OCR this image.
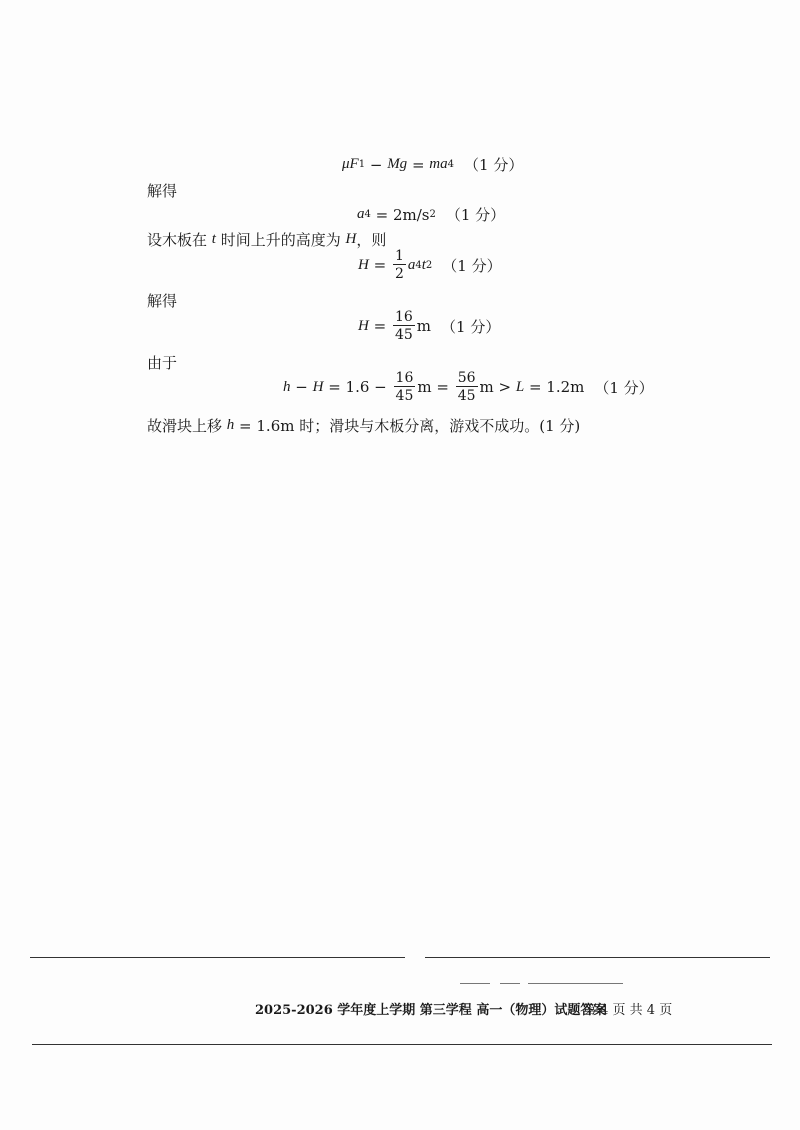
μ F 1 − Mg = ma 4 （1 分）
解得
a 4 = 2m/s 2 （1 分）
设木板在 t 时间上升的高度为 H ，则
$H = \frac{1}{2}$ a 4 t 2 （1 分）
解得
$H = \frac{16}{45}$ m （1 分）
由于
$h - H = 1.6 - \frac{16}{45}$ $m = \frac{56}{45}$ m > L = 1.2m （1 分）
故滑块上移 h = 1.6m 时；滑块与木板分离，游戏不成功。(1 分)
2025-2026 学年度上学期 第三学程 高一（物理）试题答案
第 4 页 共 4 页
